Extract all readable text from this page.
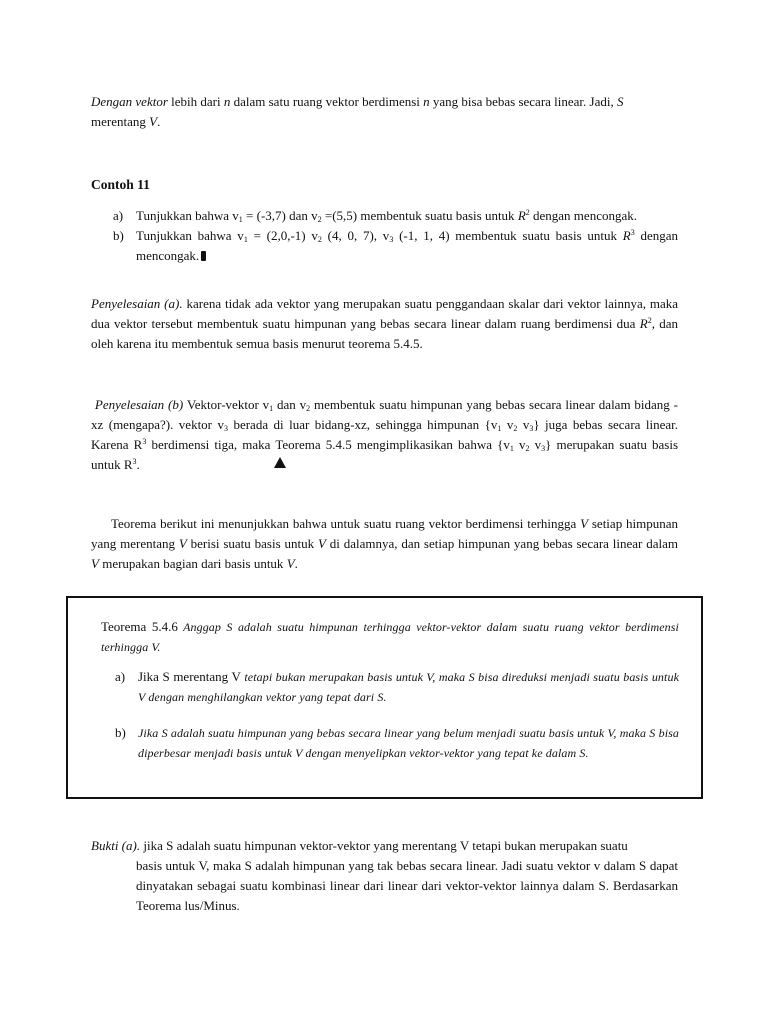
Dengan vektor lebih dari n dalam satu ruang vektor berdimensi n yang bisa bebas secara linear. Jadi, S
merentang V.

Contoh 11

a) Tunjukkan bahwa $v_1 = (-3,7)$ dan $v_2 =(5,5)$ membentuk suatu basis untuk $R^2$ dengan mencongak.

b) Tunjukkan bahwa $v_1 = (2,0,-1)$ $v_2$ (4, 0, 7), $v_3$ (-1, 1, 4) membentuk suatu basis untuk $R^3$ dengan mencongak.

Penyelesaian (a). karena tidak ada vektor yang merupakan suatu penggandaan skalar dari vektor lainnya, maka dua vektor tersebut membentuk suatu himpunan yang bebas secara linear dalam ruang berdimensi dua $R^2$, dan oleh karena itu membentuk semua basis menurut teorema 5.4.5.

Penyelesaian (b) Vektor-vektor $v_1$ dan $v_2$ membentuk suatu himpunan yang bebas secara linear dalam bidang -xz (mengapa?). vektor $v_3$ berada di luar bidang-xz, sehingga himpunan {$v_1$ $v_2$ $v_3$} juga bebas secara linear. Karena $R^3$ berdimensi tiga, maka Teorema 5.4.5 mengimplikasikan bahwa {$v_1$ $v_2$ $v_3$} merupakan suatu basis untuk $R^3$.

Teorema berikut ini menunjukkan bahwa untuk suatu ruang vektor berdimensi terhingga V setiap himpunan yang merentang V berisi suatu basis untuk V di dalamnya, dan setiap himpunan yang bebas secara linear dalam V merupakan bagian dari basis untuk V.

Teorema 5.4.6 Anggap S adalah suatu himpunan terhingga vektor-vektor dalam suatu ruang vektor berdimensi terhingga V.

a) Jika S merentang V tetapi bukan merupakan basis untuk V, maka S bisa direduksi menjadi suatu basis untuk V dengan menghilangkan vektor yang tepat dari S.

b) Jika S adalah suatu himpunan yang bebas secara linear yang belum menjadi suatu basis untuk V, maka S bisa diperbesar menjadi basis untuk V dengan menyelipkan vektor-vektor yang tepat ke dalam S.

Bukti (a). jika S adalah suatu himpunan vektor-vektor yang merentang V tetapi bukan merupakan suatu

basis untuk V, maka S adalah himpunan yang tak bebas secara linear. Jadi suatu vektor v dalam S dapat dinyatakan sebagai suatu kombinasi linear dari linear dari vektor-vektor lainnya dalam S. Berdasarkan Teorema lus/Minus.
